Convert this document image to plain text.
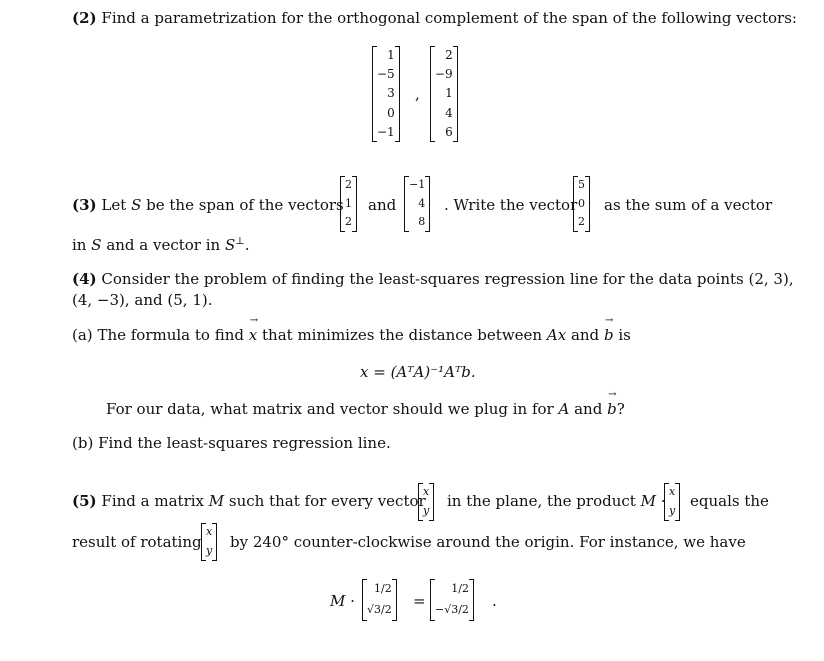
(2) Find a parametrization for the orthogonal complement of the span of the following vectors:
1
−5
3
0
−1
,
2
−9
1
4
6
(3) Let S be the span of the vectors
2
1
2
and
−1
4
8
. Write the vector
5
0
2
as the sum of a vector
in S and a vector in S⊥.
(4) Consider the problem of finding the least-squares regression line for the data points (2, 3),
(4, −3), and (5, 1).
(a) The formula to find → x that minimizes the distance between Ax and → b is
x = (AᵀA)⁻¹Aᵀb.
For our data, what matrix and vector should we plug in for A and → b?
(b) Find the least-squares regression line.
(5) Find a matrix M such that for every vector
x
y
in the plane, the product M ·
x
y
equals the
result of rotating
x
y by 240° counter-clockwise around the origin. For instance, we have
M ·
1/2
√3/2 =
1/2
−√3/2 .
